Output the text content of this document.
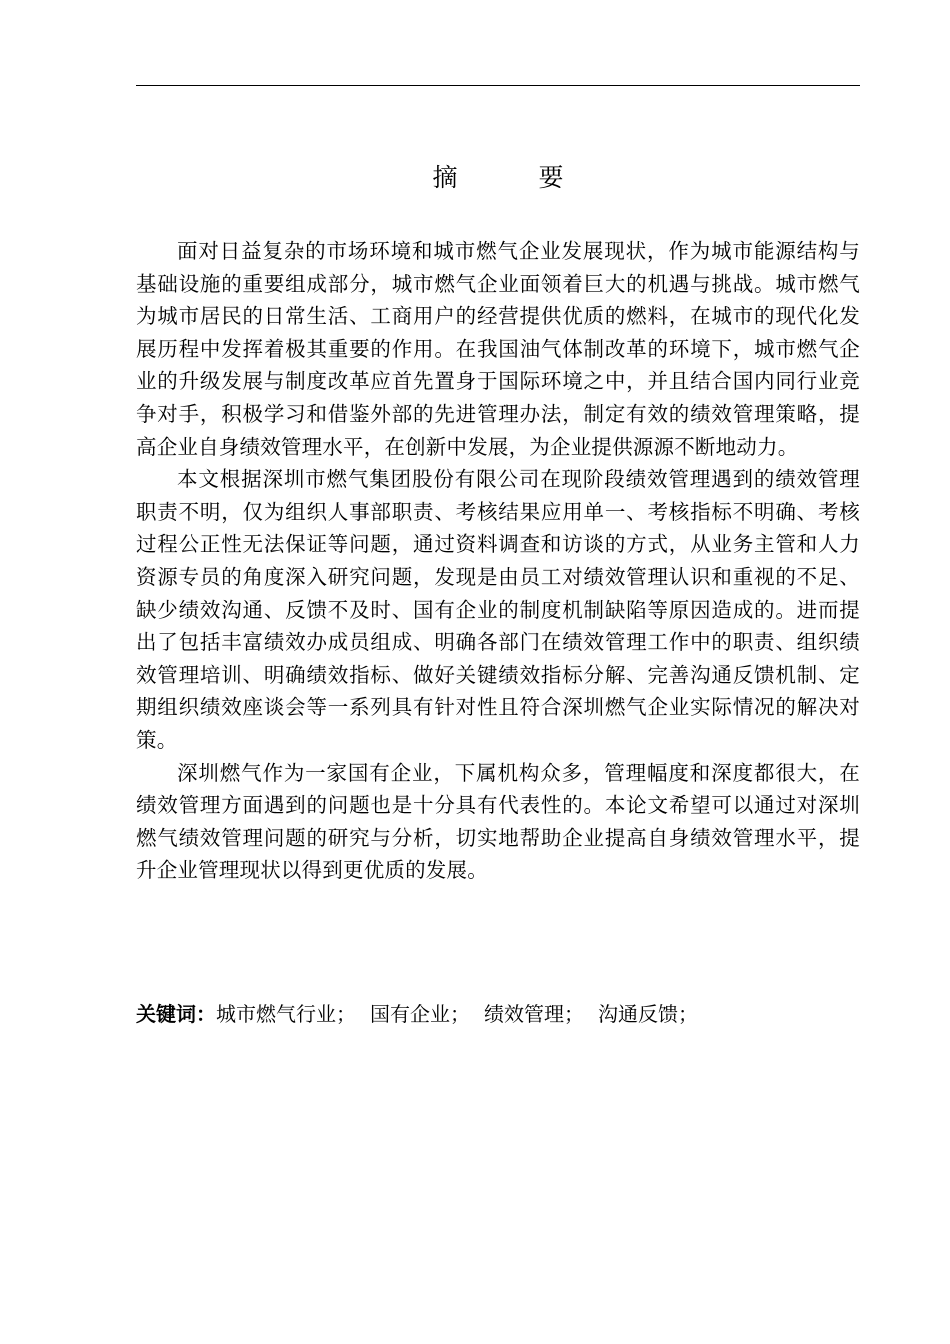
摘　要

面对日益复杂的市场环境和城市燃气企业发展现状，作为城市能源结构与基础设施的重要组成部分，城市燃气企业面领着巨大的机遇与挑战。城市燃气为城市居民的日常生活、工商用户的经营提供优质的燃料，在城市的现代化发展历程中发挥着极其重要的作用。在我国油气体制改革的环境下，城市燃气企业的升级发展与制度改革应首先置身于国际环境之中，并且结合国内同行业竞争对手，积极学习和借鉴外部的先进管理办法，制定有效的绩效管理策略，提高企业自身绩效管理水平，在创新中发展，为企业提供源源不断地动力。

本文根据深圳市燃气集团股份有限公司在现阶段绩效管理遇到的绩效管理职责不明，仅为组织人事部职责、考核结果应用单一、考核指标不明确、考核过程公正性无法保证等问题，通过资料调查和访谈的方式，从业务主管和人力资源专员的角度深入研究问题，发现是由员工对绩效管理认识和重视的不足、缺少绩效沟通、反馈不及时、国有企业的制度机制缺陷等原因造成的。进而提出了包括丰富绩效办成员组成、明确各部门在绩效管理工作中的职责、组织绩效管理培训、明确绩效指标、做好关键绩效指标分解、完善沟通反馈机制、定期组织绩效座谈会等一系列具有针对性且符合深圳燃气企业实际情况的解决对策。

深圳燃气作为一家国有企业，下属机构众多，管理幅度和深度都很大，在绩效管理方面遇到的问题也是十分具有代表性的。本论文希望可以通过对深圳燃气绩效管理问题的研究与分析，切实地帮助企业提高自身绩效管理水平，提升企业管理现状以得到更优质的发展。

关键词：城市燃气行业； 国有企业； 绩效管理； 沟通反馈；
